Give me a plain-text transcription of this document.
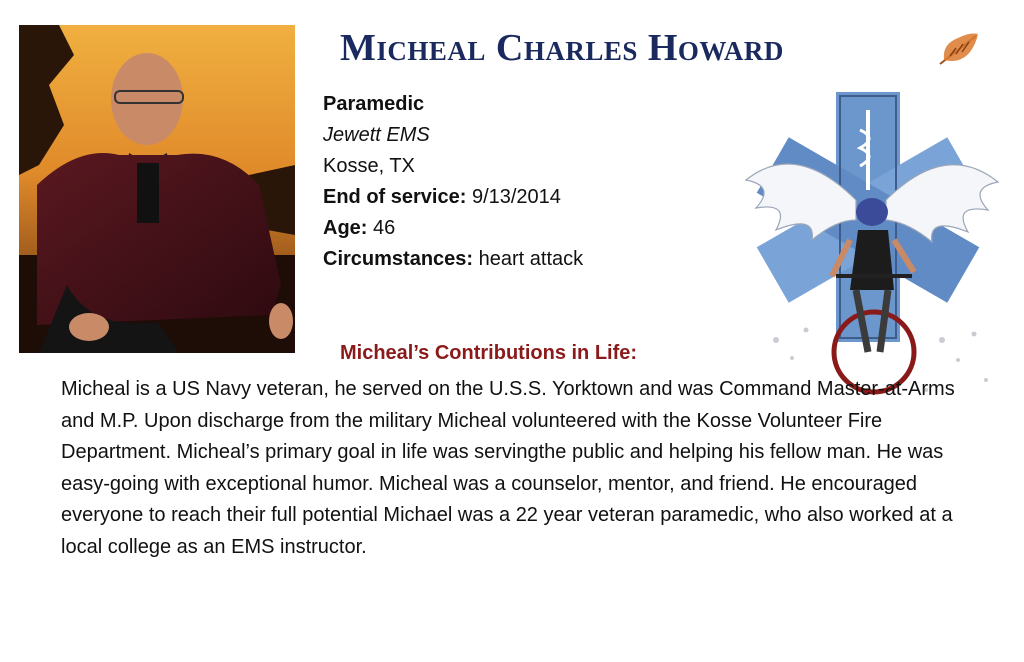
Micheal Charles Howard
Paramedic
Jewett EMS
Kosse, TX
End of service: 9/13/2014
Age: 46
Circumstances: heart attack
Micheal’s Contributions in Life:

Micheal is a US Navy veteran, he served on the U.S.S. Yorktown and was Command Master-at-Arms and M.P. Upon discharge from the military Micheal volunteered with the Kosse Volunteer Fire Department. Micheal’s primary goal in life was servingthe public and helping his fellow man. He was easy-going with exceptional humor. Micheal was a counselor, mentor, and friend. He encouraged everyone to reach their full potential Michael was a 22 year veteran paramedic, who also worked at a local college as an EMS instructor.
